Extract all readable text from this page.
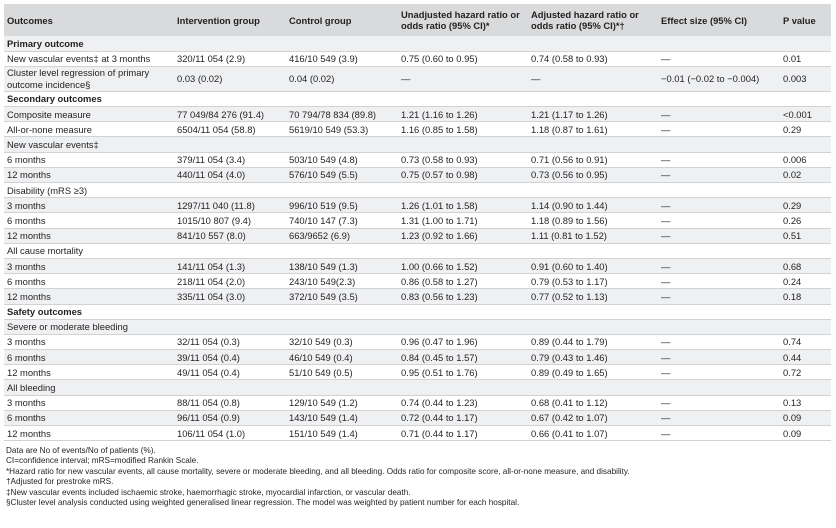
Outcomes	Intervention group	Control group	Unadjusted hazard ratio or odds ratio (95% CI)*	Adjusted hazard ratio or odds ratio (95% CI)*†	Effect size (95% CI)	P value
Primary outcome						
New vascular events‡ at 3 months	320/11 054 (2.9)	416/10 549 (3.9)	0.75 (0.60 to 0.95)	0.74 (0.58 to 0.93)	—	0.01
Cluster level regression of primary outcome incidence§	0.03 (0.02)	0.04 (0.02)	—	—	−0.01 (−0.02 to −0.004)	0.003
Secondary outcomes						
Composite measure	77 049/84 276 (91.4)	70 794/78 834 (89.8)	1.21 (1.16 to 1.26)	1.21 (1.17 to 1.26)	—	<0.001
All-or-none measure	6504/11 054 (58.8)	5619/10 549 (53.3)	1.16 (0.85 to 1.58)	1.18 (0.87 to 1.61)	—	0.29
New vascular events‡						
6 months	379/11 054 (3.4)	503/10 549 (4.8)	0.73 (0.58 to 0.93)	0.71 (0.56 to 0.91)	—	0.006
12 months	440/11 054 (4.0)	576/10 549 (5.5)	0.75 (0.57 to 0.98)	0.73 (0.56 to 0.95)	—	0.02
Disability (mRS ≥3)						
3 months	1297/11 040 (11.8)	996/10 519 (9.5)	1.26 (1.01 to 1.58)	1.14 (0.90 to 1.44)	—	0.29
6 months	1015/10 807 (9.4)	740/10 147 (7.3)	1.31 (1.00 to 1.71)	1.18 (0.89 to 1.56)	—	0.26
12 months	841/10 557 (8.0)	663/9652 (6.9)	1.23 (0.92 to 1.66)	1.11 (0.81 to 1.52)	—	0.51
All cause mortality						
3 months	141/11 054 (1.3)	138/10 549 (1.3)	1.00 (0.66 to 1.52)	0.91 (0.60 to 1.40)	—	0.68
6 months	218/11 054 (2.0)	243/10 549(2.3)	0.86 (0.58 to 1.27)	0.79 (0.53 to 1.17)	—	0.24
12 months	335/11 054 (3.0)	372/10 549 (3.5)	0.83 (0.56 to 1.23)	0.77 (0.52 to 1.13)	—	0.18
Safety outcomes						
Severe or moderate bleeding						
3 months	32/11 054 (0.3)	32/10 549 (0.3)	0.96 (0.47 to 1.96)	0.89 (0.44 to 1.79)	—	0.74
6 months	39/11 054 (0.4)	46/10 549 (0.4)	0.84 (0.45 to 1.57)	0.79 (0.43 to 1.46)	—	0.44
12 months	49/11 054 (0.4)	51/10 549 (0.5)	0.95 (0.51 to 1.76)	0.89 (0.49 to 1.65)	—	0.72
All bleeding						
3 months	88/11 054 (0.8)	129/10 549 (1.2)	0.74 (0.44 to 1.23)	0.68 (0.41 to 1.12)	—	0.13
6 months	96/11 054 (0.9)	143/10 549 (1.4)	0.72 (0.44 to 1.17)	0.67 (0.42 to 1.07)	—	0.09
12 months	106/11 054 (1.0)	151/10 549 (1.4)	0.71 (0.44 to 1.17)	0.66 (0.41 to 1.07)	—	0.09
Data are No of events/No of patients (%).
CI=confidence interval; mRS=modified Rankin Scale.
*Hazard ratio for new vascular events, all cause mortality, severe or moderate bleeding, and all bleeding. Odds ratio for composite score, all-or-none measure, and disability.
†Adjusted for prestroke mRS.
‡New vascular events included ischaemic stroke, haemorrhagic stroke, myocardial infarction, or vascular death.
§Cluster level analysis conducted using weighted generalised linear regression. The model was weighted by patient number for each hospital.
